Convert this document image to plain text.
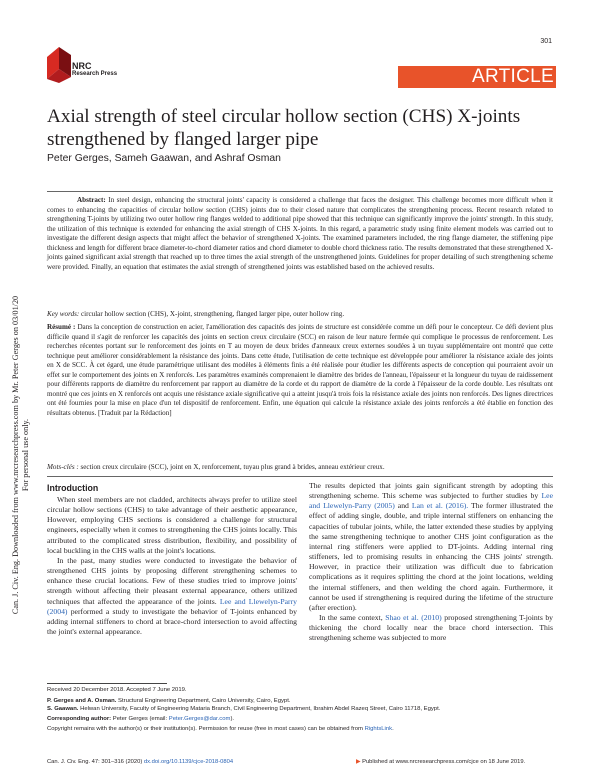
Can. J. Civ. Eng. Downloaded from www.nrcresearchpress.com by Mr. Peter Gerges on 03/01/20 For personal use only.
301
NRC
Research Press	ARTICLE
Axial strength of steel circular hollow section (CHS) X-joints strengthened by flanged larger pipe
Peter Gerges, Sameh Gaawan, and Ashraf Osman

Abstract: In steel design, enhancing the structural joints' capacity is considered a challenge that faces the designer. This challenge becomes more difficult when it comes to enhancing the capacities of circular hollow section (CHS) joints due to their closed nature that complicates the strengthening process. Recent research related to strengthening T-joints by utilizing two outer hollow ring flanges welded to additional pipe showed that this technique can significantly improve the joints' strength. In this study, the utilization of this technique is extended for enhancing the axial strength of CHS X-joints. In this regard, a parametric study using finite element models was carried out to investigate the different design aspects that might affect the behavior of strengthened X-joints. The examined parameters included, the ring flange diameter, the stiffening pipe thickness and length for different brace diameter-to-chord diameter ratios and chord diameter to double chord thickness ratio. The results demonstrated that these strengthened X-joints gained significant axial strength that reached up to three times the axial strength of the unstrengthened joints. Guidelines for proper detailing of such strengthening scheme were provided. Finally, an equation that estimates the axial strength of strengthened joints was established based on the achieved results.

Key words: circular hollow section (CHS), X-joint, strengthening, flanged larger pipe, outer hollow ring.

Résumé : Dans la conception de construction en acier, l'amélioration des capacités des joints de structure est considérée comme un défi pour le concepteur. Ce défi devient plus difficile quand il s'agit de renforcer les capacités des joints en section creux circulaire (SCC) en raison de leur nature fermée qui complique le processus de renforcement. Les recherches récentes portant sur le renforcement des joints en T au moyen de deux brides d'anneaux creux externes soudées à un tuyau supplémentaire ont montré que cette technique peut améliorer considérablement la résistance des joints. Dans cette étude, l'utilisation de cette technique est développée pour améliorer la résistance axiale des joints en X de SCC. À cet égard, une étude paramétrique utilisant des modèles à éléments finis a été réalisée pour étudier les différents aspects de conception qui pourraient avoir un effet sur le comportement des joints en X renforcés. Les paramètres examinés comprenaient le diamètre des brides de l'anneau, l'épaisseur et la longueur du tuyau de raidissement pour différents rapports de diamètre du renforcement par rapport au diamètre de la corde et du rapport de diamètre de la corde à l'épaisseur de la corde double. Les résultats ont montré que ces joints en X renforcés ont acquis une résistance axiale significative qui a atteint jusqu'à trois fois la résistance axiale des joints non renforcés. Des lignes directrices ont été fournies pour la mise en place d'un tel dispositif de renforcement. Enfin, une équation qui calcule la résistance axiale des joints renforcés a été établie en fonction des résultats obtenus. [Traduit par la Rédaction]

Mots-clés : section creux circulaire (SCC), joint en X, renforcement, tuyau plus grand à brides, anneau extérieur creux.

Introduction

When steel members are not cladded, architects always prefer to utilize steel circular hollow sections (CHS) to take advantage of their aesthetic appearance, However, employing CHS sections is considered a challenge for structural engineers, especially when it comes to strengthening the CHS joints locally. This attributed to the complicated stress distribution, flexibility, and possibility of local buckling in the CHS walls at the joint's locations.

In the past, many studies were conducted to investigate the behavior of strengthened CHS joints by proposing different strengthening schemes to enhance these crucial locations. Few of these studies tried to improve joints' strength without affecting their pleasant external appearance, others utilized techniques that affected the appearance of the joints. Lee and Llewelyn-Parry (2004) performed a study to investigate the behavior of T-joints enhanced by adding internal stiffeners to chord at brace-chord intersection to avoid affecting the joint's external appearance.

The results depicted that joints gain significant strength by adopting this strengthening scheme. This scheme was subjected to further studies by Lee and Llewelyn-Parry (2005) and Lan et al. (2016). The former illustrated the effect of adding single, double, and triple internal stiffeners on enhancing the capacities of tubular joints, while, the latter extended these studies by applying the same strengthening technique to another CHS joint configuration as the internal ring stiffeners were applied to DT-joints. Adding internal ring stiffeners, led to promising results in enhancing the CHS joints' strength. However, in practice their utilization was difficult due to fabrication complications as it requires splitting the chord at the joint locations, welding the internal stiffeners, and then welding the chord again. Furthermore, it cannot be used if strengthening is required during the lifetime of the structure (after erection).

In the same context, Shao et al. (2010) proposed strengthening T-joints by thickening the chord locally near the brace chord intersection. This strengthening scheme was subjected to more

Received 20 December 2018. Accepted 7 June 2019.
P. Gerges and A. Osman. Structural Engineering Department, Cairo University, Cairo, Egypt.
S. Gaawan. Helwan University, Faculty of Engineering Mataria Branch, Civil Engineering Department, Ibrahim Abdel Razeq Street, Cairo 11718, Egypt.
Corresponding author: Peter Gerges (email: Peter.Gerges@dar.com).
Copyright remains with the author(s) or their institution(s). Permission for reuse (free in most cases) can be obtained from RightsLink.
Can. J. Civ. Eng. 47: 301–316 (2020) dx.doi.org/10.1139/cjce-2018-0804	▶ Published at www.nrcresearchpress.com/cjce on 18 June 2019.
